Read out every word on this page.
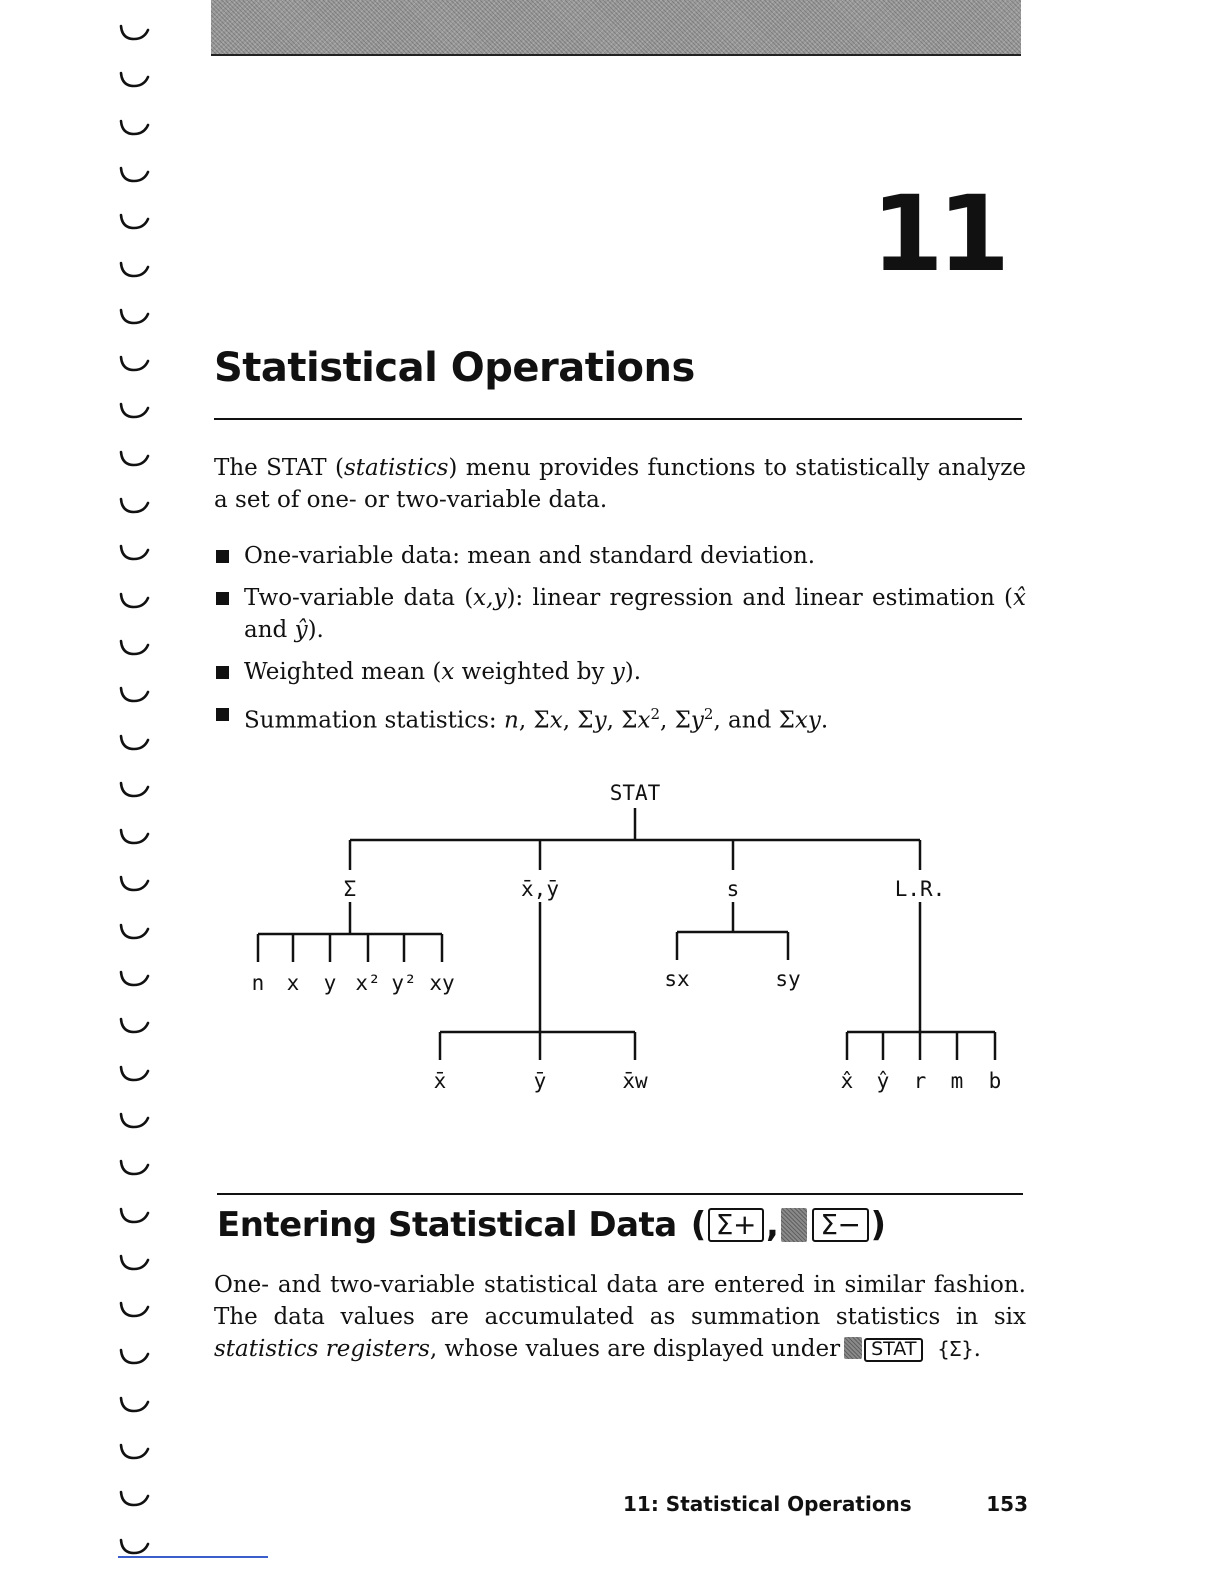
11
Statistical Operations

The STAT (statistics) menu provides functions to statistically analyze a set of one- or two-variable data.

One-variable data: mean and standard deviation.
Two-variable data (x,y): linear regression and linear estimation (x̂ and ŷ).
Weighted mean (x weighted by y).
Summation statistics: n, Σx, Σy, $\Sigma x^2$, $\Sigma y^2$, and Σxy.
STAT
Σ	x̄,ȳ	s	L.R.
n x y x² y² xy	sx	sy
x̄	ȳ	x̄w	x̂ ŷ r m b
Entering Statistical Data ( Σ+ , Σ− )

One- and two-variable statistical data are entered in similar fashion. The data values are accumulated as summation statistics in six statistics registers, whose values are displayed under STAT {Σ}.

11: Statistical Operations	153
